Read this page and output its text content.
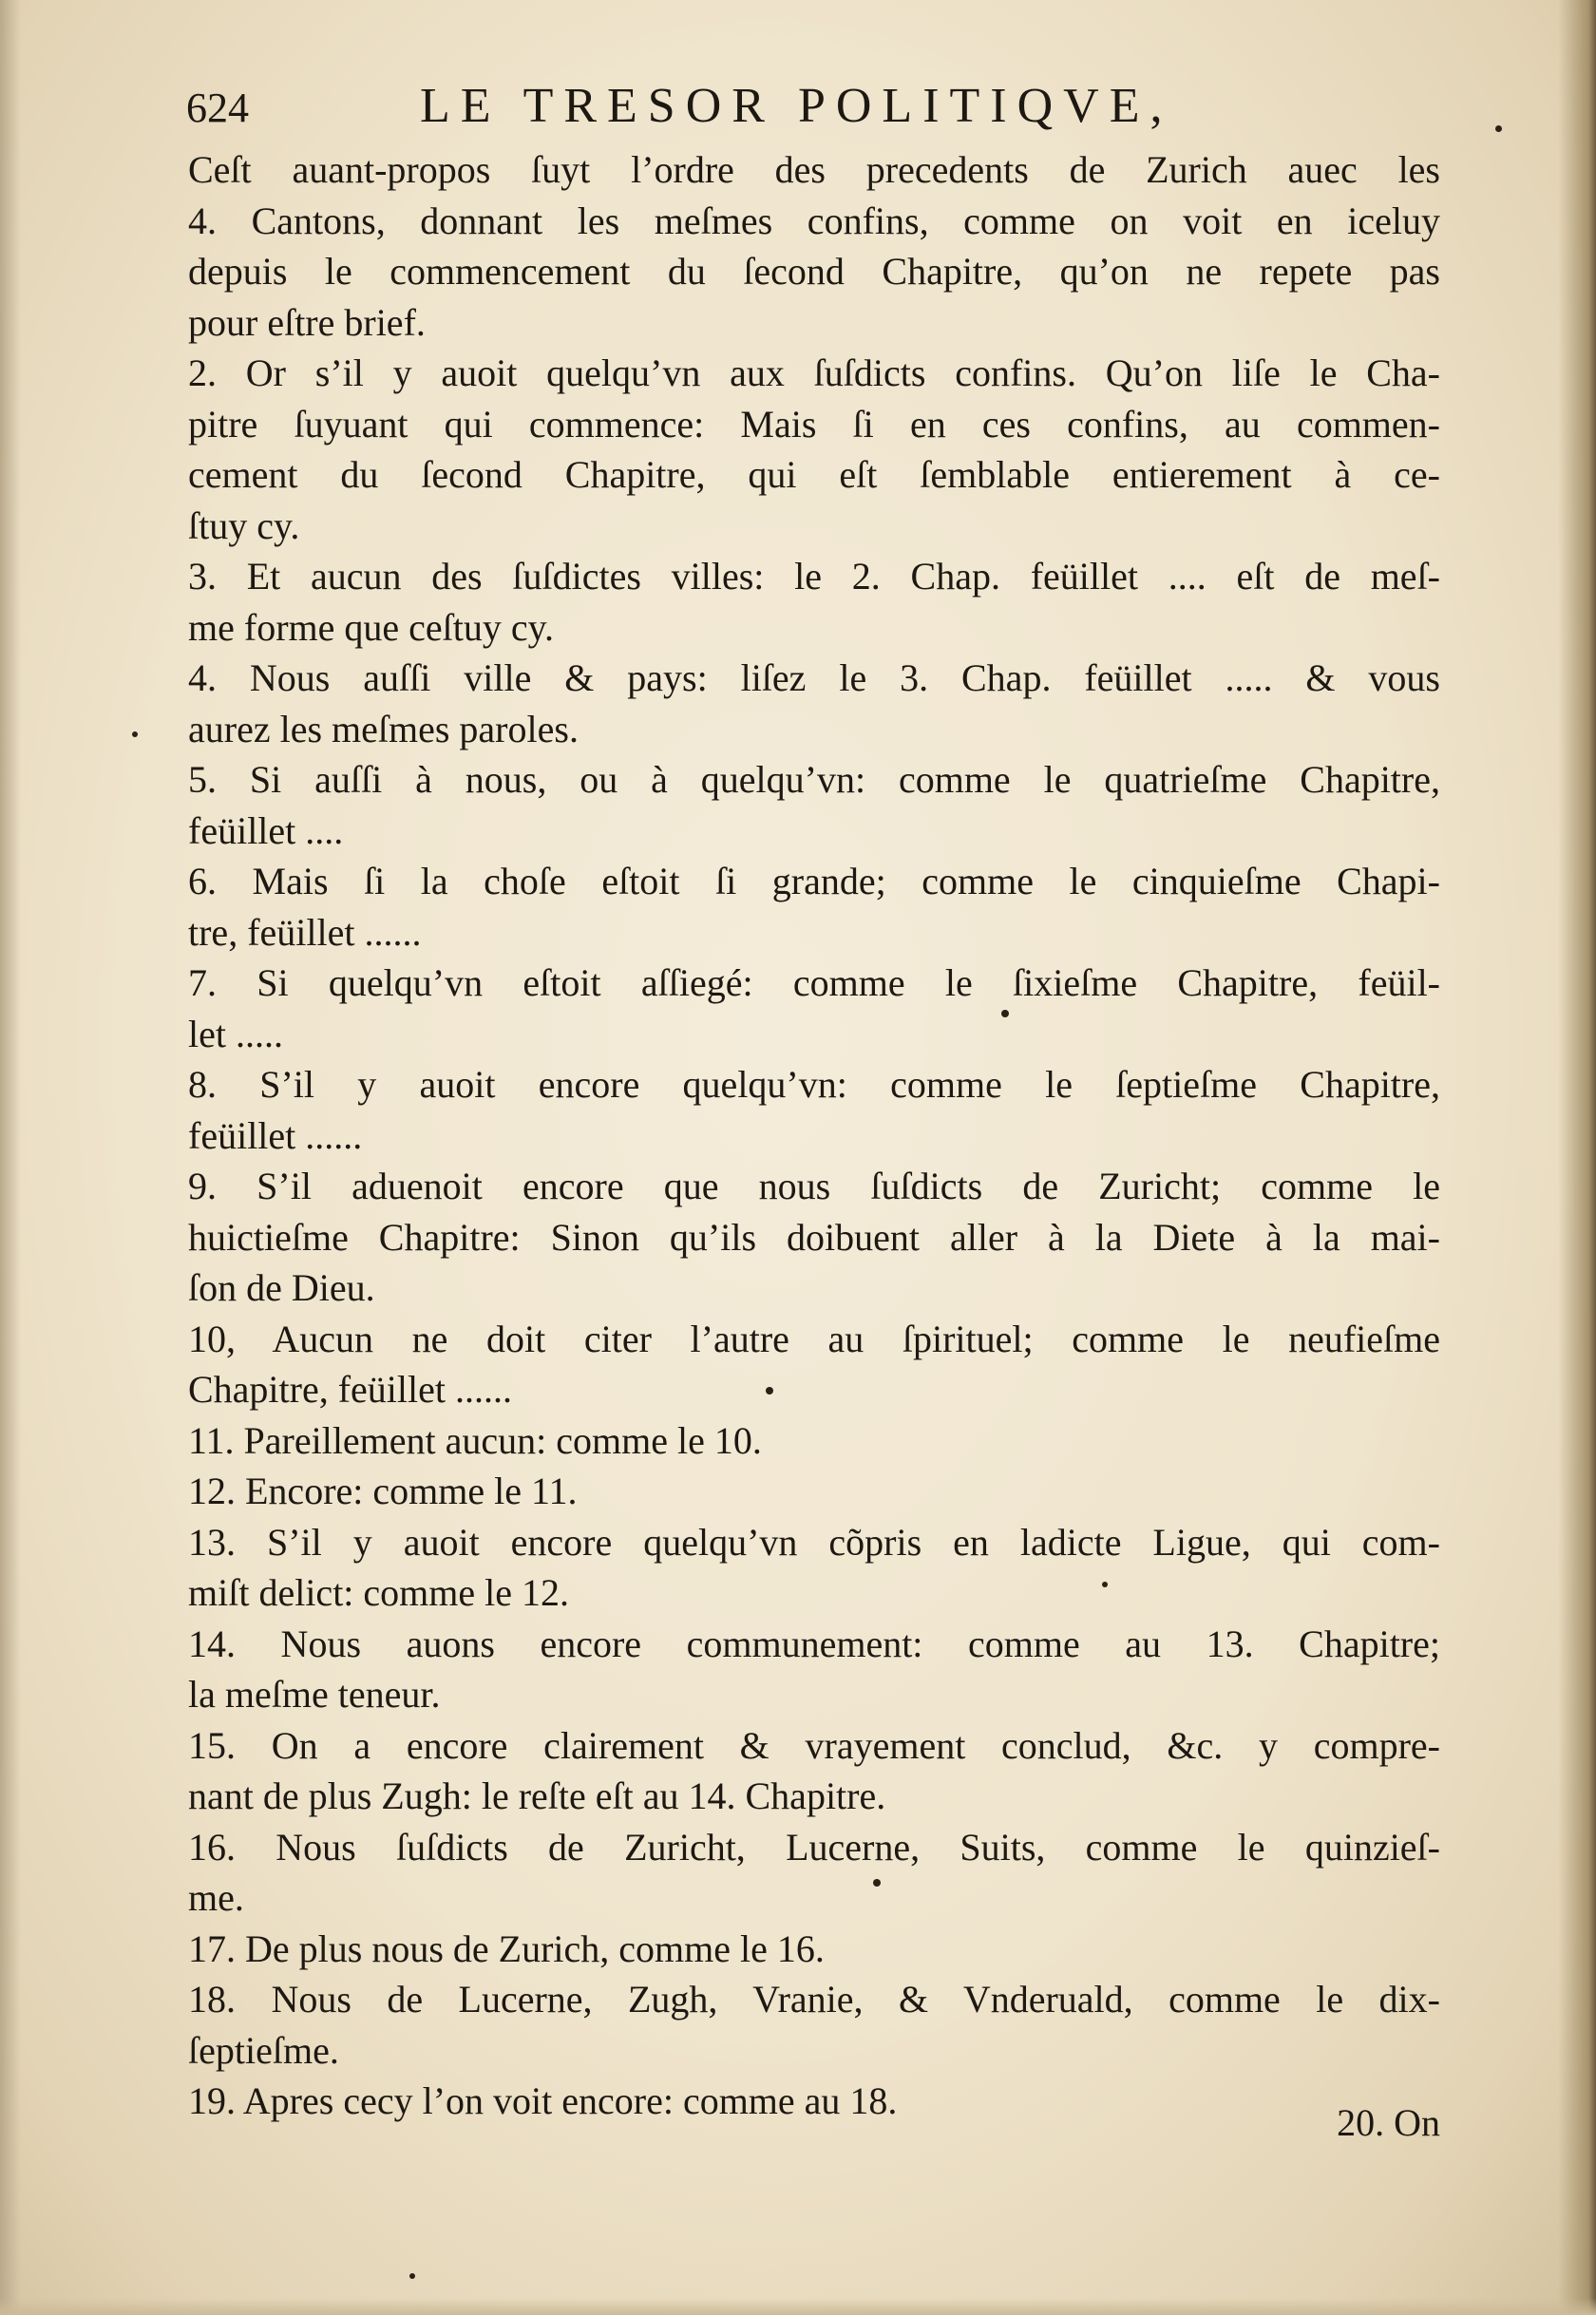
624	LE TRESOR POLITIQVE,
Ceſt auant-propos ſuyt l’ordre des precedents de Zurich auec les
4. Cantons, donnant les meſmes confins, comme on voit en iceluy
depuis le commencement du ſecond Chapitre, qu’on ne repete pas
pour eſtre brief.
2. Or s’il y auoit quelqu’vn aux ſuſdicts confins. Qu’on liſe le Cha-
pitre ſuyuant qui commence: Mais ſi en ces confins, au commen-
cement du ſecond Chapitre, qui eſt ſemblable entierement à ce-
ſtuy cy.
3. Et aucun des ſuſdictes villes: le 2. Chap. feüillet .... eſt de meſ-
me forme que ceſtuy cy.
4. Nous auſſi ville & pays: liſez le 3. Chap. feüillet ..... & vous
aurez les meſmes paroles.
5. Si auſſi à nous, ou à quelqu’vn: comme le quatrieſme Chapitre,
feüillet ....
6. Mais ſi la choſe eſtoit ſi grande; comme le cinquieſme Chapi-
tre, feüillet ......
7. Si quelqu’vn eſtoit aſſiegé: comme le ſixieſme Chapitre, feüil-
let .....
8. S’il y auoit encore quelqu’vn: comme le ſeptieſme Chapitre,
feüillet ......
9. S’il aduenoit encore que nous ſuſdicts de Zuricht; comme le
huictieſme Chapitre: Sinon qu’ils doibuent aller à la Diete à la mai-
ſon de Dieu.
10, Aucun ne doit citer l’autre au ſpirituel; comme le neufieſme
Chapitre, feüillet ......
11. Pareillement aucun: comme le 10.
12. Encore: comme le 11.
13. S’il y auoit encore quelqu’vn cõpris en ladicte Ligue, qui com-
miſt delict: comme le 12.
14. Nous auons encore communement: comme au 13. Chapitre;
la meſme teneur.
15. On a encore clairement & vrayement conclud, &c. y compre-
nant de plus Zugh: le reſte eſt au 14. Chapitre.
16. Nous ſuſdicts de Zuricht, Lucerne, Suits, comme le quinzieſ-
me.
17. De plus nous de Zurich, comme le 16.
18. Nous de Lucerne, Zugh, Vranie, & Vnderuald, comme le dix-
ſeptieſme.
19. Apres cecy l’on voit encore: comme au 18.
20. On
